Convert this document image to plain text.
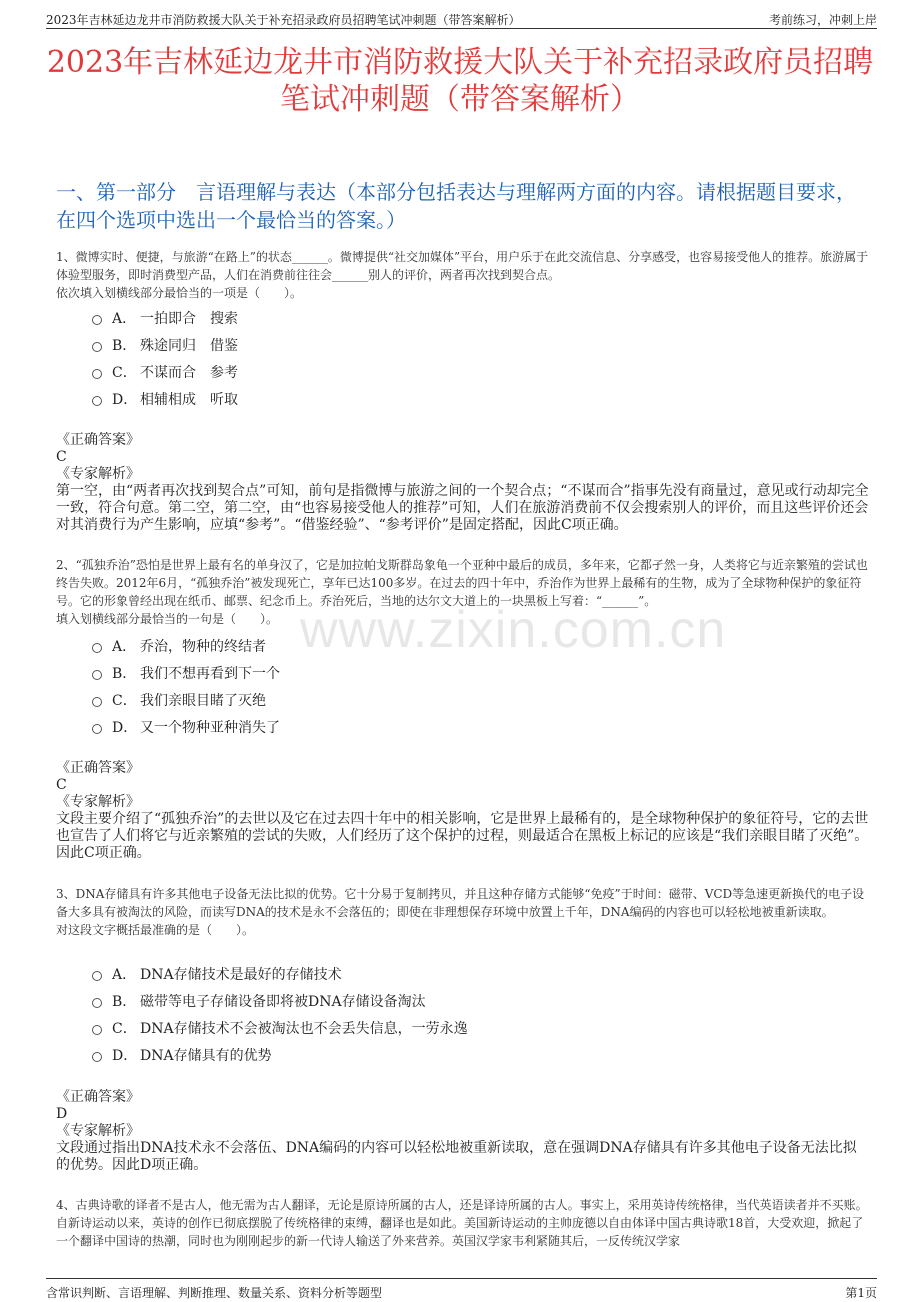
2023年吉林延边龙井市消防救援大队关于补充招录政府员招聘笔试冲刺题（带答案解析）	考前练习，冲刺上岸
2023年吉林延边龙井市消防救援大队关于补充招录政府员招聘笔试冲刺题（带答案解析）
一、第一部分　言语理解与表达（本部分包括表达与理解两方面的内容。请根据题目要求，在四个选项中选出一个最恰当的答案。）

1、微博实时、便捷，与旅游“在路上”的状态______。微博提供“社交加媒体”平台，用户乐于在此交流信息、分享感受，也容易接受他人的推荐。旅游属于体验型服务，即时消费型产品，人们在消费前往往会______别人的评价，两者再次找到契合点。

依次填入划横线部分最恰当的一项是（　　）。

A． 一拍即合　搜索
B． 殊途同归　借鉴
C． 不谋而合　参考
D． 相辅相成　听取

《正确答案》

C

《专家解析》

第一空，由“两者再次找到契合点”可知，前句是指微博与旅游之间的一个契合点；“不谋而合”指事先没有商量过，意见或行动却完全一致，符合句意。第二空，第二空，由“也容易接受他人的推荐”可知，人们在旅游消费前不仅会搜索别人的评价，而且这些评价还会对其消费行为产生影响，应填“参考”。“借鉴经验”、“参考评价”是固定搭配，因此C项正确。

2、“孤独乔治”恐怕是世界上最有名的单身汉了，它是加拉帕戈斯群岛象龟一个亚种中最后的成员，多年来，它都孑然一身，人类将它与近亲繁殖的尝试也终告失败。2012年6月，“孤独乔治”被发现死亡，享年已达100多岁。在过去的四十年中，乔治作为世界上最稀有的生物，成为了全球物种保护的象征符号。它的形象曾经出现在纸币、邮票、纪念币上。乔治死后，当地的达尔文大道上的一块黑板上写着：“______”。

填入划横线部分最恰当的一句是（　　）。

A． 乔治，物种的终结者
B． 我们不想再看到下一个
C． 我们亲眼目睹了灭绝
D． 又一个物种亚种消失了

《正确答案》

C

《专家解析》

文段主要介绍了“孤独乔治”的去世以及它在过去四十年中的相关影响，它是世界上最稀有的，是全球物种保护的象征符号，它的去世也宣告了人们将它与近亲繁殖的尝试的失败，人们经历了这个保护的过程，则最适合在黑板上标记的应该是“我们亲眼目睹了灭绝”。因此C项正确。

3、DNA存储具有许多其他电子设备无法比拟的优势。它十分易于复制拷贝，并且这种存储方式能够“免疫”于时间：磁带、VCD等急速更新换代的电子设备大多具有被淘汰的风险，而读写DNA的技术是永不会落伍的；即使在非理想保存环境中放置上千年，DNA编码的内容也可以轻松地被重新读取。

对这段文字概括最准确的是（　　）。

A． DNA存储技术是最好的存储技术
B． 磁带等电子存储设备即将被DNA存储设备淘汰
C． DNA存储技术不会被淘汰也不会丢失信息，一劳永逸
D． DNA存储具有的优势

《正确答案》

D

《专家解析》

文段通过指出DNA技术永不会落伍、DNA编码的内容可以轻松地被重新读取，意在强调DNA存储具有许多其他电子设备无法比拟的优势。因此D项正确。

4、古典诗歌的译者不是古人，他无需为古人翻译，无论是原诗所属的古人，还是译诗所属的古人。事实上，采用英诗传统格律，当代英语读者并不买账。自新诗运动以来，英诗的创作已彻底摆脱了传统格律的束缚，翻译也是如此。美国新诗运动的主帅庞德以自由体译中国古典诗歌18首，大受欢迎，掀起了一个翻译中国诗的热潮，同时也为刚刚起步的新一代诗人输送了外来营养。英国汉学家韦利紧随其后，一反传统汉学家

www.zixin.com.cn
含常识判断、言语理解、判断推理、数量关系、资料分析等题型	第1页
